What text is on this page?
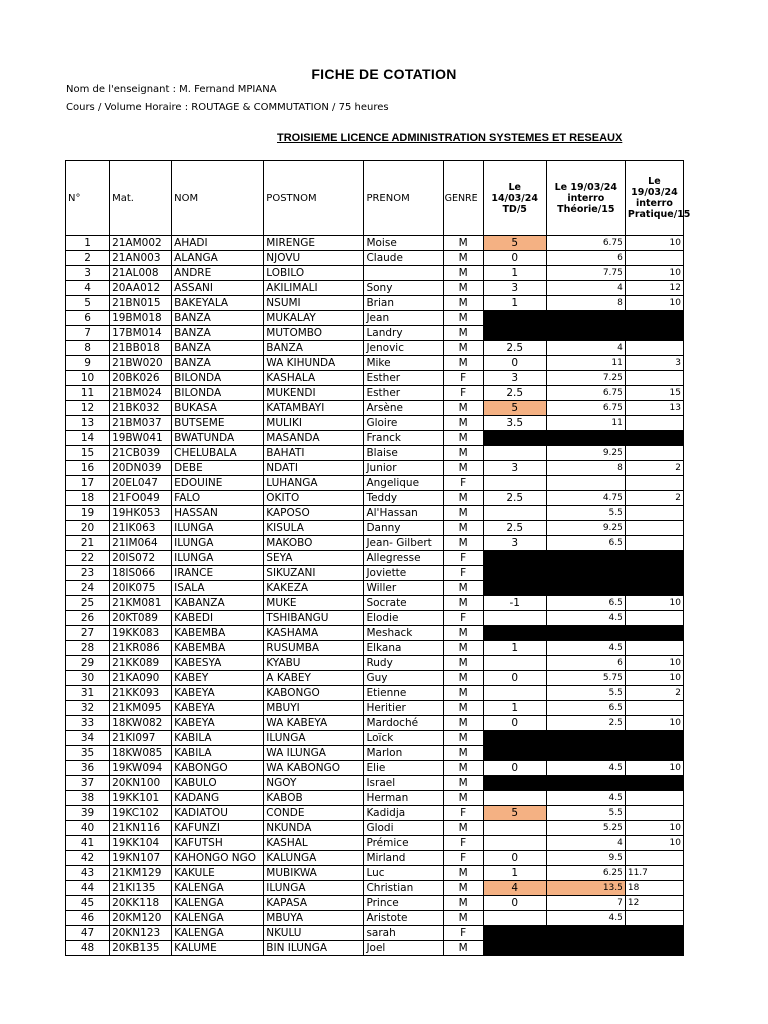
FICHE DE COTATION
Nom de l'enseignant : M. Fernand MPIANA
Cours / Volume Horaire : ROUTAGE & COMMUTATION / 75 heures
TROISIEME LICENCE ADMINISTRATION SYSTEMES ET RESEAUX
N°	Mat.	NOM	POSTNOM	PRENOM	GENRE	Le 14/03/24 TD/5	Le 19/03/24 interro Théorie/15	Le 19/03/24 interro Pratique/15
1	21AM002	AHADI	MIRENGE	Moise	M	5	6.75	10
2	21AN003	ALANGA	NJOVU	Claude	M	0	6	
3	21AL008	ANDRE	LOBILO		M	1	7.75	10
4	20AA012	ASSANI	AKILIMALI	Sony	M	3	4	12
5	21BN015	BAKEYALA	NSUMI	Brian	M	1	8	10
6	19BM018	BANZA	MUKALAY	Jean	M			
7	17BM014	BANZA	MUTOMBO	Landry	M			
8	21BB018	BANZA	BANZA	Jenovic	M	2.5	4	
9	21BW020	BANZA	WA KIHUNDA	Mike	M	0	11	3
10	20BK026	BILONDA	KASHALA	Esther	F	3	7.25	
11	21BM024	BILONDA	MUKENDI	Esther	F	2.5	6.75	15
12	21BK032	BUKASA	KATAMBAYI	Arsène	M	5	6.75	13
13	21BM037	BUTSEME	MULIKI	Gloire	M	3.5	11	
14	19BW041	BWATUNDA	MASANDA	Franck	M			
15	21CB039	CHELUBALA	BAHATI	Blaise	M		9.25	
16	20DN039	DEBE	NDATI	Junior	M	3	8	2
17	20EL047	EDOUINE	LUHANGA	Angelique	F			
18	21FO049	FALO	OKITO	Teddy	M	2.5	4.75	2
19	19HK053	HASSAN	KAPOSO	Al'Hassan	M		5.5	
20	21IK063	ILUNGA	KISULA	Danny	M	2.5	9.25	
21	21IM064	ILUNGA	MAKOBO	Jean- Gilbert	M	3	6.5	
22	20IS072	ILUNGA	SEYA	Allegresse	F			
23	18IS066	IRANCE	SIKUZANI	Joviette	F			
24	20IK075	ISALA	KAKEZA	Willer	M			
25	21KM081	KABANZA	MUKE	Socrate	M	-1	6.5	10
26	20KT089	KABEDI	TSHIBANGU	Elodie	F		4.5	
27	19KK083	KABEMBA	KASHAMA	Meshack	M			
28	21KR086	KABEMBA	RUSUMBA	Elkana	M	1	4.5	
29	21KK089	KABESYA	KYABU	Rudy	M		6	10
30	21KA090	KABEY	A KABEY	Guy	M	0	5.75	10
31	21KK093	KABEYA	KABONGO	Etienne	M		5.5	2
32	21KM095	KABEYA	MBUYI	Heritier	M	1	6.5	
33	18KW082	KABEYA	WA KABEYA	Mardoché	M	0	2.5	10
34	21KI097	KABILA	ILUNGA	Loïck	M			
35	18KW085	KABILA	WA ILUNGA	Marlon	M			
36	19KW094	KABONGO	WA KABONGO	Elie	M	0	4.5	10
37	20KN100	KABULO	NGOY	Israel	M			
38	19KK101	KADANG	KABOB	Herman	M		4.5	
39	19KC102	KADIATOU	CONDE	Kadidja	F	5	5.5	
40	21KN116	KAFUNZI	NKUNDA	Glodi	M		5.25	10
41	19KK104	KAFUTSH	KASHAL	Prémice	F		4	10
42	19KN107	KAHONGO NGO	KALUNGA	Mirland	F	0	9.5	
43	21KM129	KAKULE	MUBIKWA	Luc	M	1	6.25	11.7
44	21KI135	KALENGA	ILUNGA	Christian	M	4	13.5	18
45	20KK118	KALENGA	KAPASA	Prince	M	0	7	12
46	20KM120	KALENGA	MBUYA	Aristote	M		4.5	
47	20KN123	KALENGA	NKULU	sarah	F			
48	20KB135	KALUME	BIN ILUNGA	Joel	M			
